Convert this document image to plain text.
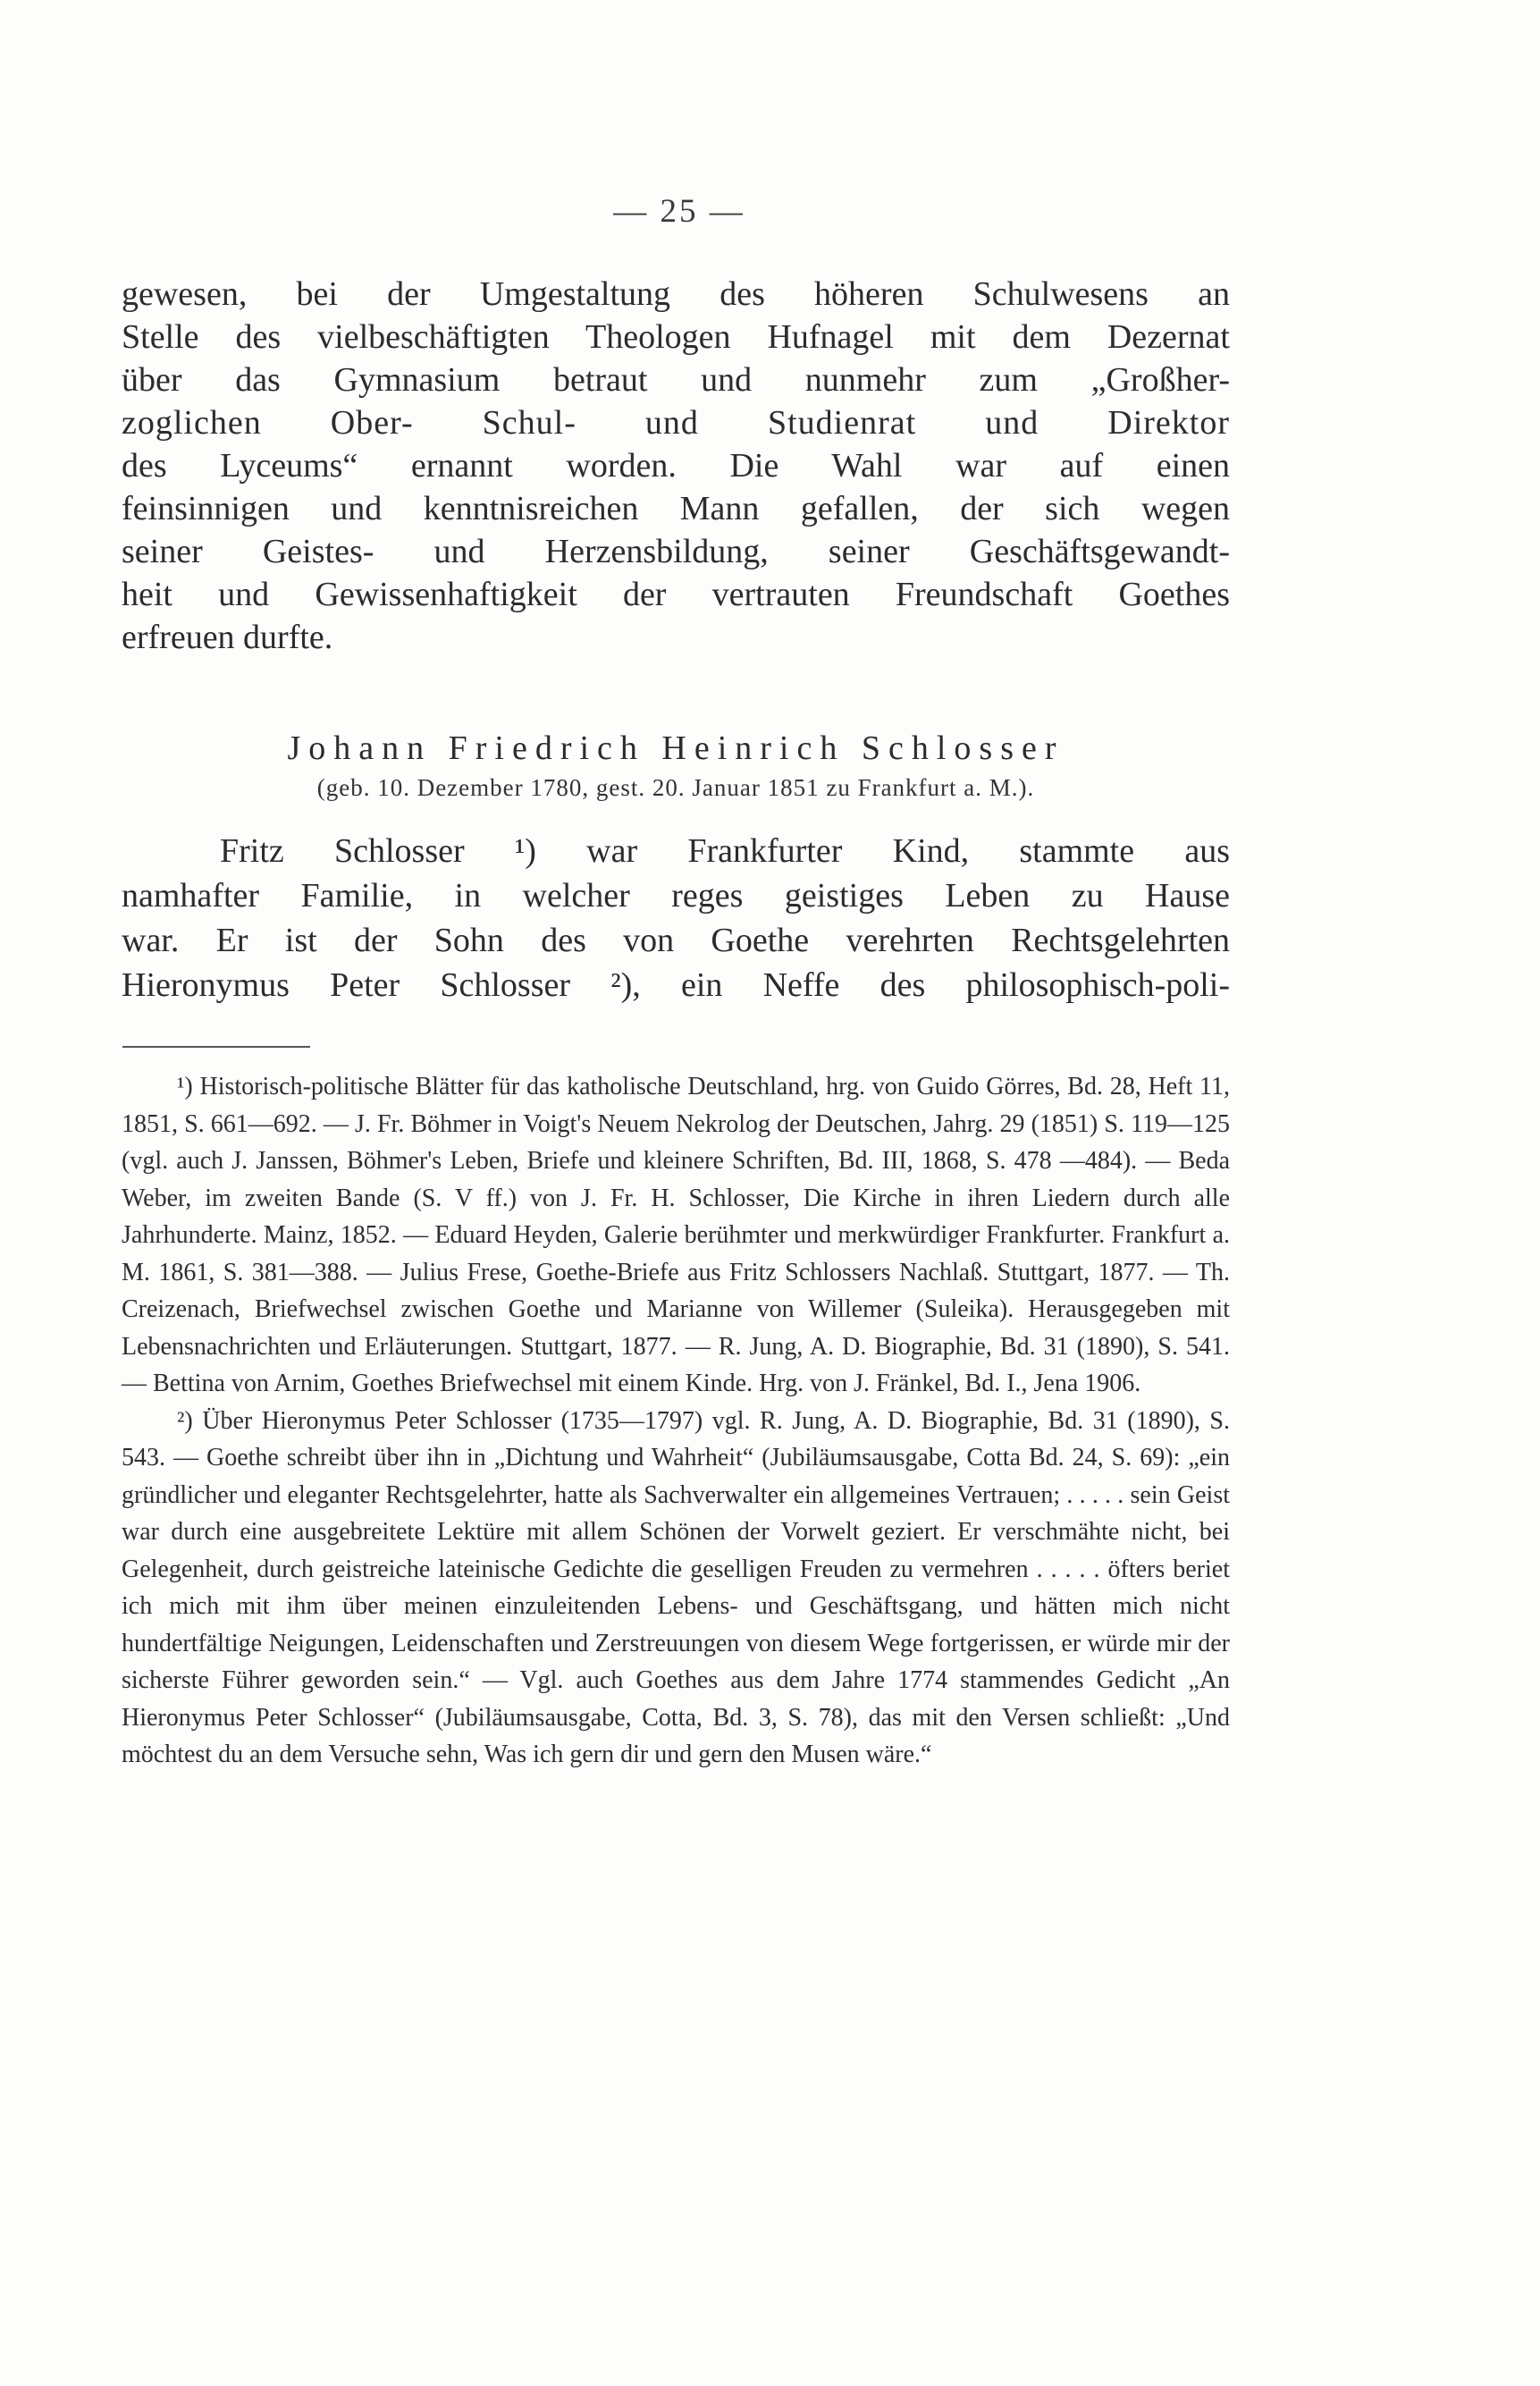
— 25 —
gewesen, bei der Umgestaltung des höheren Schulwesens an
Stelle des vielbeschäftigten Theologen Hufnagel mit dem Dezernat
über das Gymnasium betraut und nunmehr zum „Großher-
zoglichen Ober- Schul- und Studienrat und Direktor
des Lyceums“ ernannt worden. Die Wahl war auf einen
feinsinnigen und kenntnisreichen Mann gefallen, der sich wegen
seiner Geistes- und Herzensbildung, seiner Geschäftsgewandt-
heit und Gewissenhaftigkeit der vertrauten Freundschaft Goethes
erfreuen durfte.
Johann Friedrich Heinrich Schlosser
(geb. 10. Dezember 1780, gest. 20. Januar 1851 zu Frankfurt a. M.).
Fritz Schlosser ¹) war Frankfurter Kind, stammte aus
namhafter Familie, in welcher reges geistiges Leben zu Hause
war. Er ist der Sohn des von Goethe verehrten Rechtsgelehrten
Hieronymus Peter Schlosser ²), ein Neffe des philosophisch-poli-

¹) Historisch-politische Blätter für das katholische Deutschland, hrg. von Guido Görres, Bd. 28, Heft 11, 1851, S. 661—692. — J. Fr. Böhmer in Voigt's Neuem Nekrolog der Deutschen, Jahrg. 29 (1851) S. 119—125 (vgl. auch J. Janssen, Böhmer's Leben, Briefe und kleinere Schriften, Bd. III, 1868, S. 478 —484). — Beda Weber, im zweiten Bande (S. V ff.) von J. Fr. H. Schlosser, Die Kirche in ihren Liedern durch alle Jahrhunderte. Mainz, 1852. — Eduard Heyden, Galerie berühmter und merkwürdiger Frankfurter. Frankfurt a. M. 1861, S. 381—388. — Julius Frese, Goethe-Briefe aus Fritz Schlossers Nachlaß. Stuttgart, 1877. — Th. Creizenach, Briefwechsel zwischen Goethe und Marianne von Willemer (Suleika). Herausgegeben mit Lebensnachrichten und Erläuterungen. Stuttgart, 1877. — R. Jung, A. D. Biographie, Bd. 31 (1890), S. 541. — Bettina von Arnim, Goethes Briefwechsel mit einem Kinde. Hrg. von J. Fränkel, Bd. I., Jena 1906.

²) Über Hieronymus Peter Schlosser (1735—1797) vgl. R. Jung, A. D. Biographie, Bd. 31 (1890), S. 543. — Goethe schreibt über ihn in „Dichtung und Wahrheit“ (Jubiläumsausgabe, Cotta Bd. 24, S. 69): „ein gründlicher und eleganter Rechtsgelehrter, hatte als Sachverwalter ein allgemeines Vertrauen; . . . . . sein Geist war durch eine ausgebreitete Lektüre mit allem Schönen der Vorwelt geziert. Er verschmähte nicht, bei Gelegenheit, durch geistreiche lateinische Gedichte die geselligen Freuden zu vermehren . . . . . öfters beriet ich mich mit ihm über meinen einzuleitenden Lebens- und Geschäftsgang, und hätten mich nicht hundertfältige Neigungen, Leidenschaften und Zerstreuungen von diesem Wege fortgerissen, er würde mir der sicherste Führer geworden sein.“ — Vgl. auch Goethes aus dem Jahre 1774 stammendes Gedicht „An Hieronymus Peter Schlosser“ (Jubiläumsausgabe, Cotta, Bd. 3, S. 78), das mit den Versen schließt: „Und möchtest du an dem Versuche sehn, Was ich gern dir und gern den Musen wäre.“
